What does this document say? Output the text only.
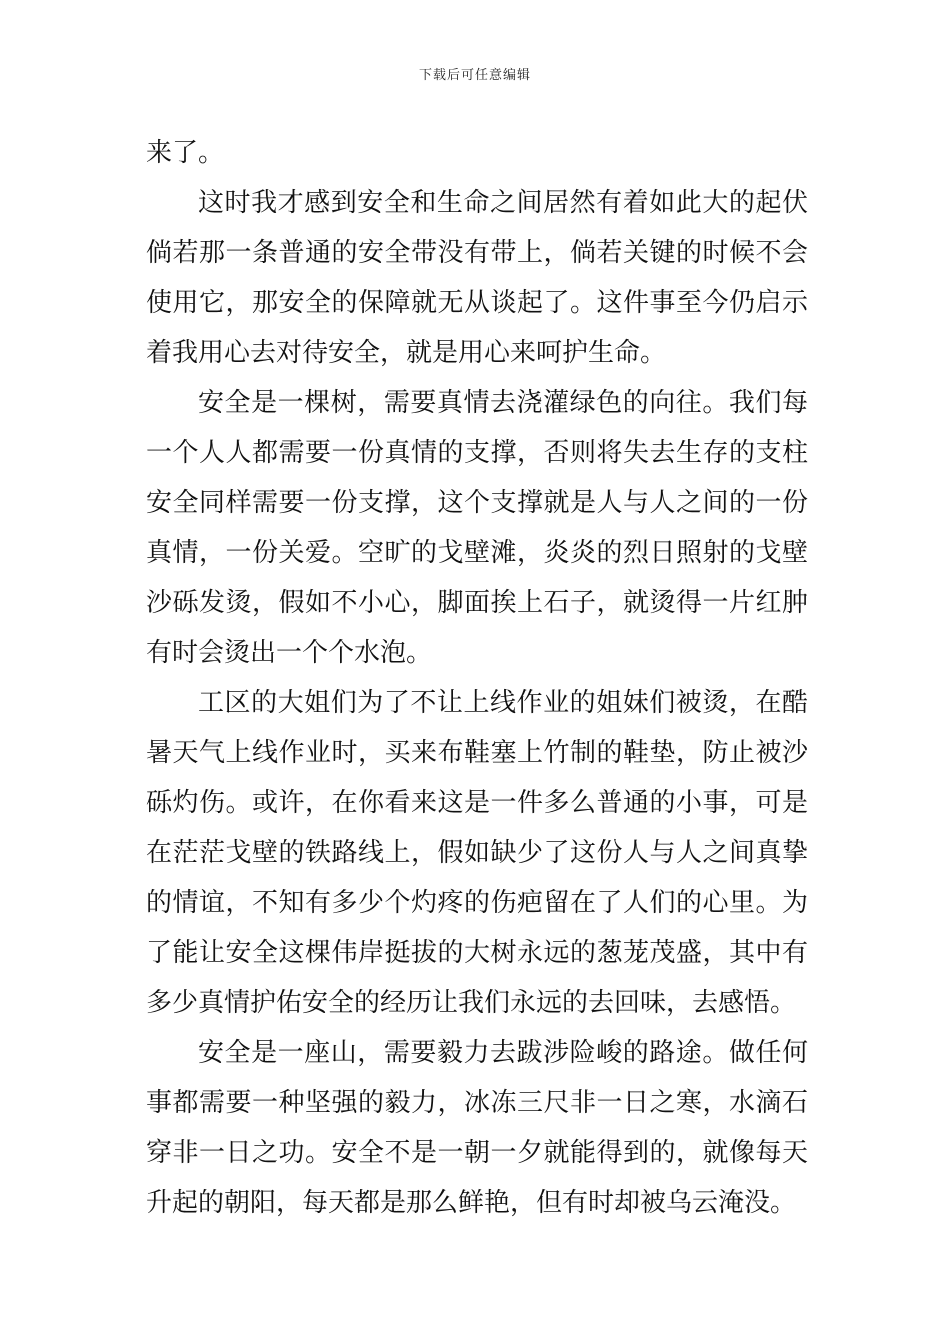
下载后可任意编辑
来了。
这时我才感到安全和生命之间居然有着如此大的起伏
倘若那一条普通的安全带没有带上，倘若关键的时候不会
使用它，那安全的保障就无从谈起了。这件事至今仍启示
着我用心去对待安全，就是用心来呵护生命。
安全是一棵树，需要真情去浇灌绿色的向往。我们每
一个人人都需要一份真情的支撑，否则将失去生存的支柱
安全同样需要一份支撑，这个支撑就是人与人之间的一份
真情，一份关爱。空旷的戈壁滩，炎炎的烈日照射的戈壁
沙砾发烫，假如不小心，脚面挨上石子，就烫得一片红肿
有时会烫出一个个水泡。
工区的大姐们为了不让上线作业的姐妹们被烫，在酷
暑天气上线作业时，买来布鞋塞上竹制的鞋垫，防止被沙
砾灼伤。或许，在你看来这是一件多么普通的小事，可是
在茫茫戈壁的铁路线上，假如缺少了这份人与人之间真挚
的情谊，不知有多少个灼疼的伤疤留在了人们的心里。为
了能让安全这棵伟岸挺拔的大树永远的葱茏茂盛，其中有
多少真情护佑安全的经历让我们永远的去回味，去感悟。
安全是一座山，需要毅力去跋涉险峻的路途。做任何
事都需要一种坚强的毅力，冰冻三尺非一日之寒，水滴石
穿非一日之功。安全不是一朝一夕就能得到的，就像每天
升起的朝阳，每天都是那么鲜艳，但有时却被乌云淹没。
